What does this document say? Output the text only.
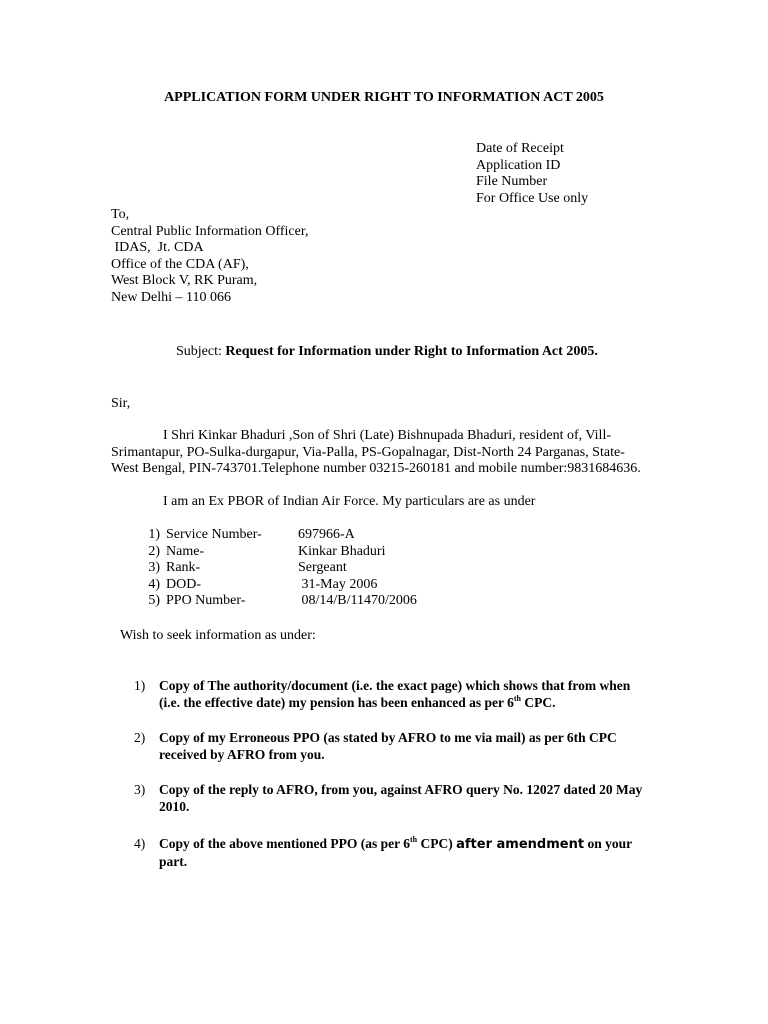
APPLICATION FORM UNDER RIGHT TO INFORMATION ACT 2005
Date of Receipt
Application ID
File Number
For Office Use only
To,
Central Public Information Officer,
IDAS,  Jt. CDA
Office of the CDA (AF),
West Block V, RK Puram,
New Delhi – 110 066
Subject: Request for Information under Right to Information Act 2005.
Sir,
I Shri Kinkar Bhaduri ,Son of Shri (Late) Bishnupada Bhaduri, resident of, Vill-Srimantapur, PO-Sulka-durgapur, Via-Palla, PS-Gopalnagar, Dist-North 24 Parganas, State-West Bengal, PIN-743701.Telephone number 03215-260181 and mobile number:9831684636.
I am an Ex PBOR of Indian Air Force. My particulars are as under
1) Service Number-	697966-A
2) Name-	Kinkar Bhaduri
3) Rank-	Sergeant
4) DOD-	31-May 2006
5) PPO Number-	08/14/B/11470/2006
Wish to seek information as under:
1) Copy of The authority/document (i.e. the exact page) which shows that from when (i.e. the effective date) my pension has been enhanced as per 6th CPC.
2) Copy of my Erroneous PPO (as stated by AFRO to me via mail) as per 6th CPC received by AFRO from you.
3) Copy of the reply to AFRO, from you, against AFRO query No. 12027 dated 20 May 2010.
4) Copy of the above mentioned PPO (as per 6th CPC) after amendment on your part.
